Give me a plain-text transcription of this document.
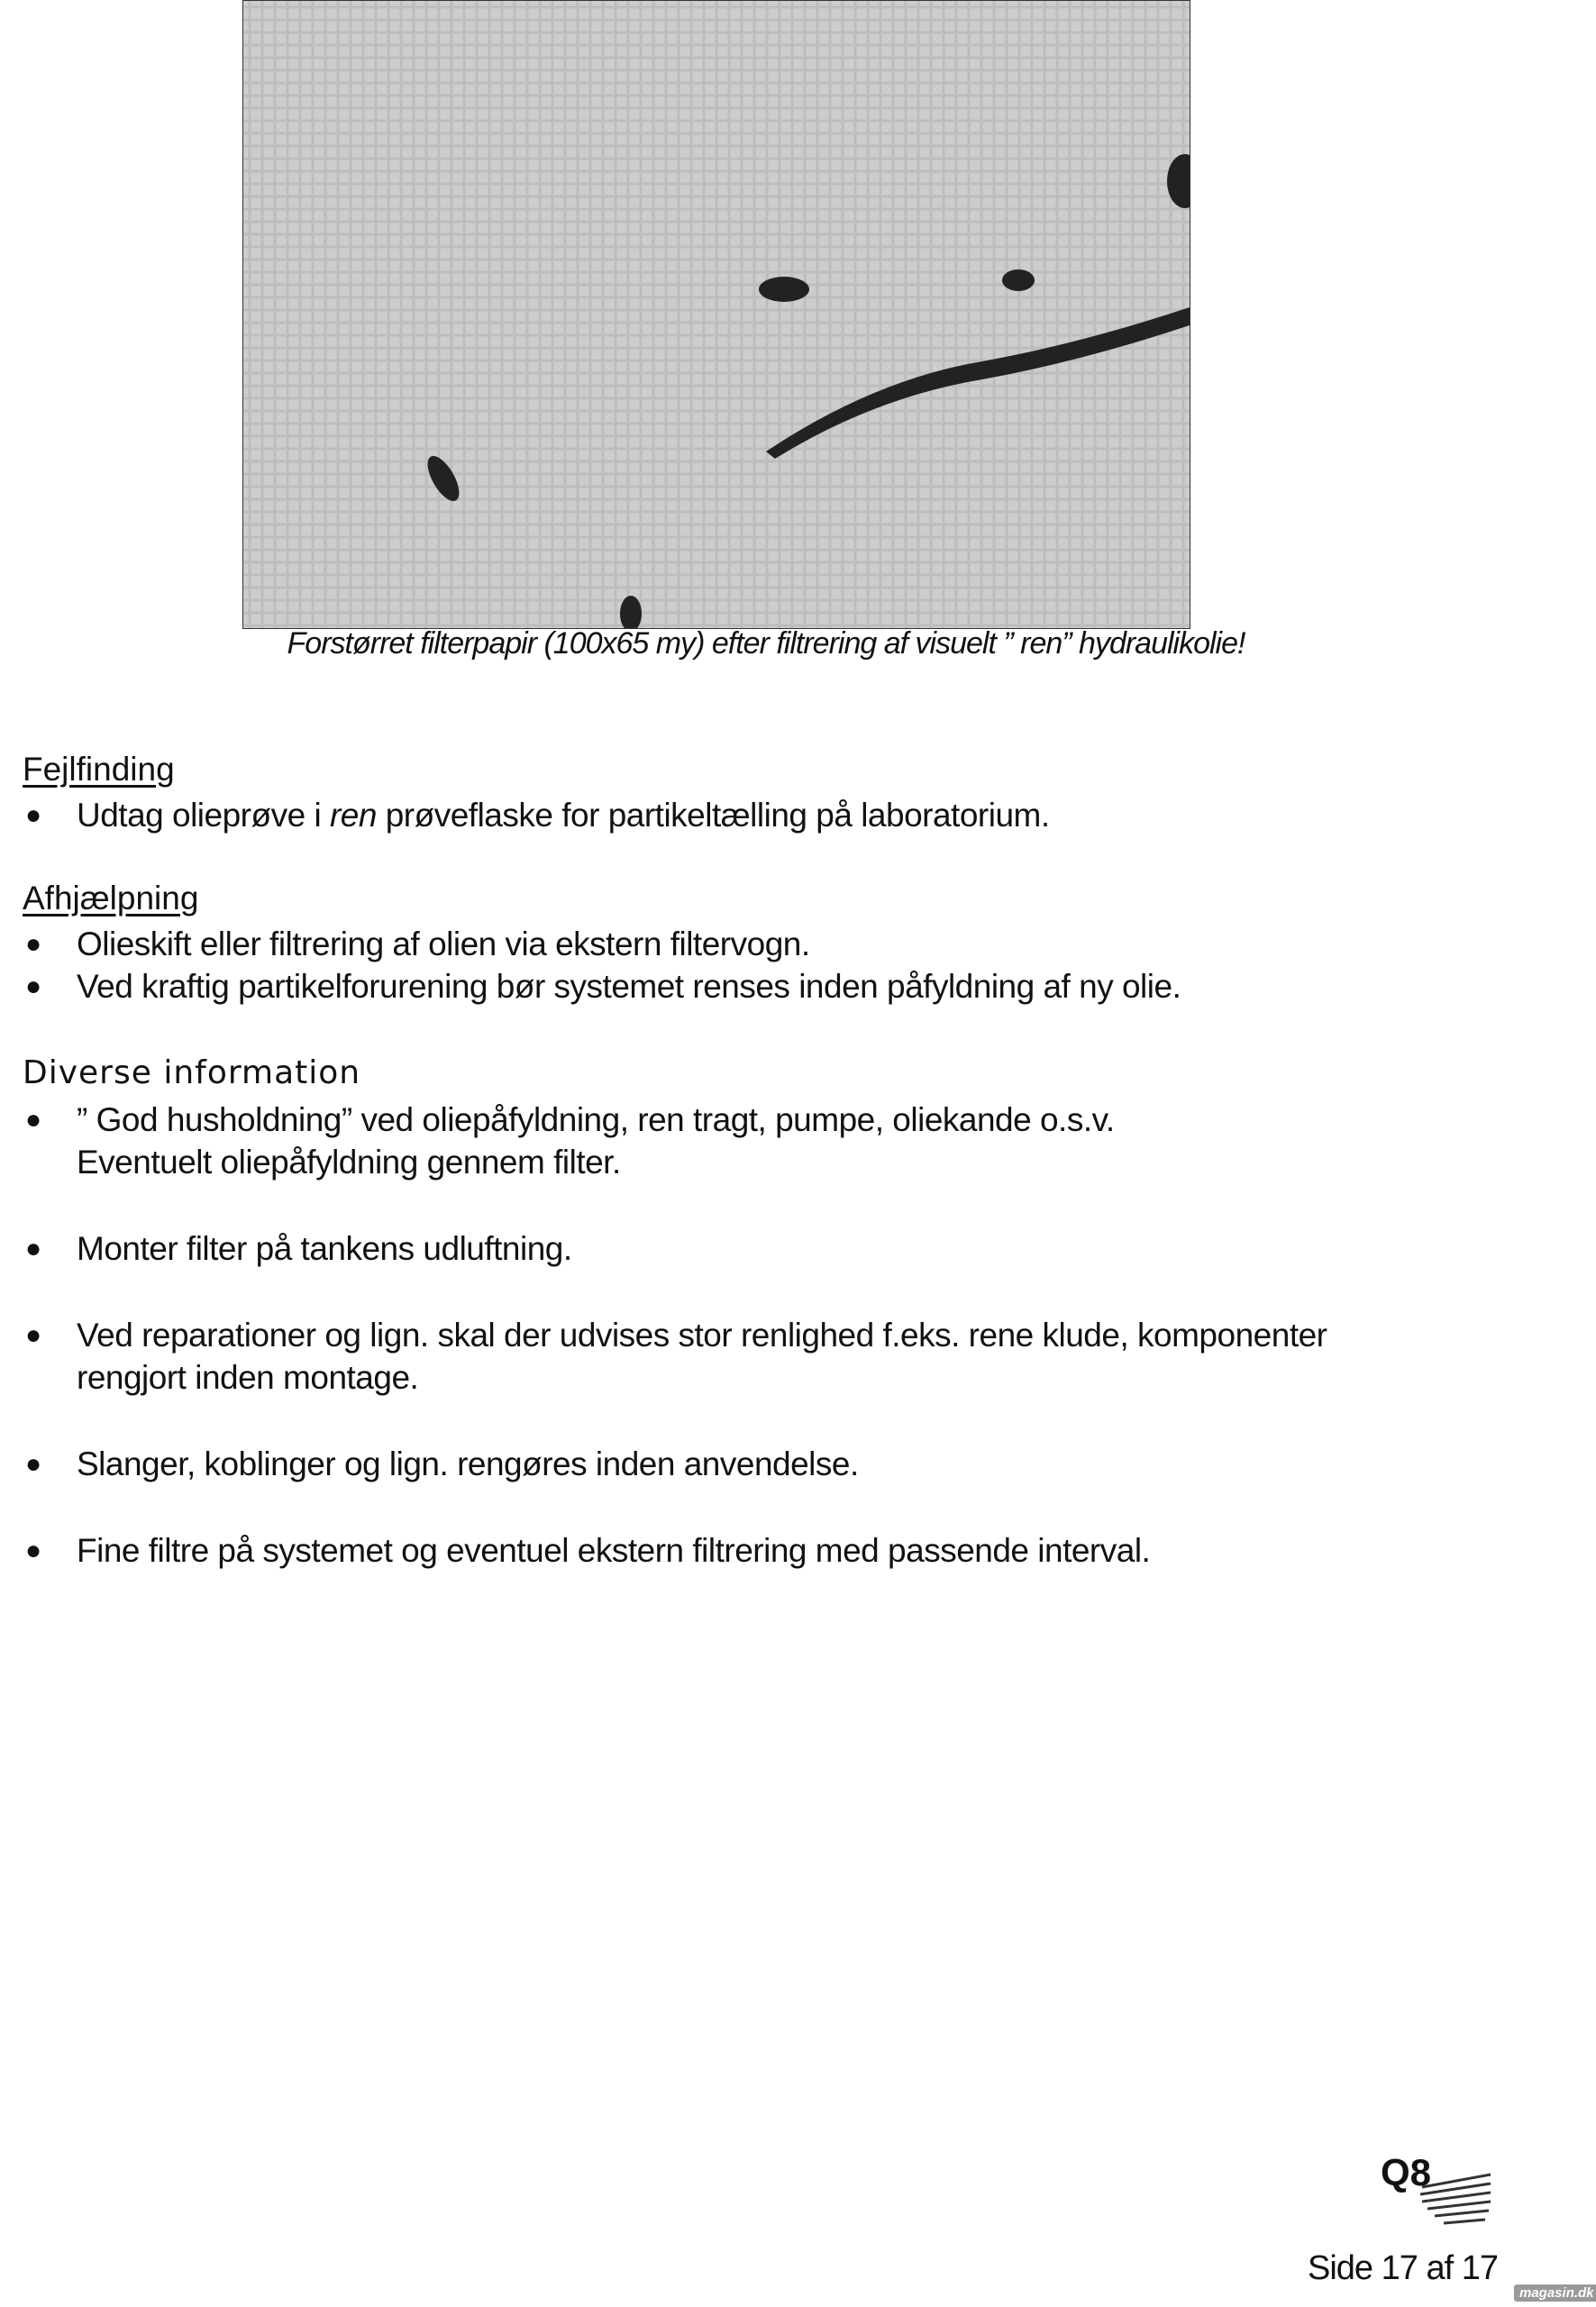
Forstørret filterpapir (100x65 my) efter filtrering af visuelt ” ren” hydraulikolie!
Fejlfinding
● Udtag olieprøve i ren prøveflaske for partikeltælling på laboratorium.
Afhjælpning
● Olieskift eller filtrering af olien via ekstern filtervogn.
● Ved kraftig partikelforurening bør systemet renses inden påfyldning af ny olie.
Diverse information
● ” God husholdning” ved oliepåfyldning, ren tragt, pumpe, oliekande o.s.v.
Eventuelt oliepåfyldning gennem filter.
● Monter filter på tankens udluftning.
● Ved reparationer og lign. skal der udvises stor renlighed f.eks. rene klude, komponenter
rengjort inden montage.
● Slanger, koblinger og lign. rengøres inden anvendelse.
● Fine filtre på systemet og eventuel ekstern filtrering med passende interval.
Q8
Side 17 af 17
magasin.dk
